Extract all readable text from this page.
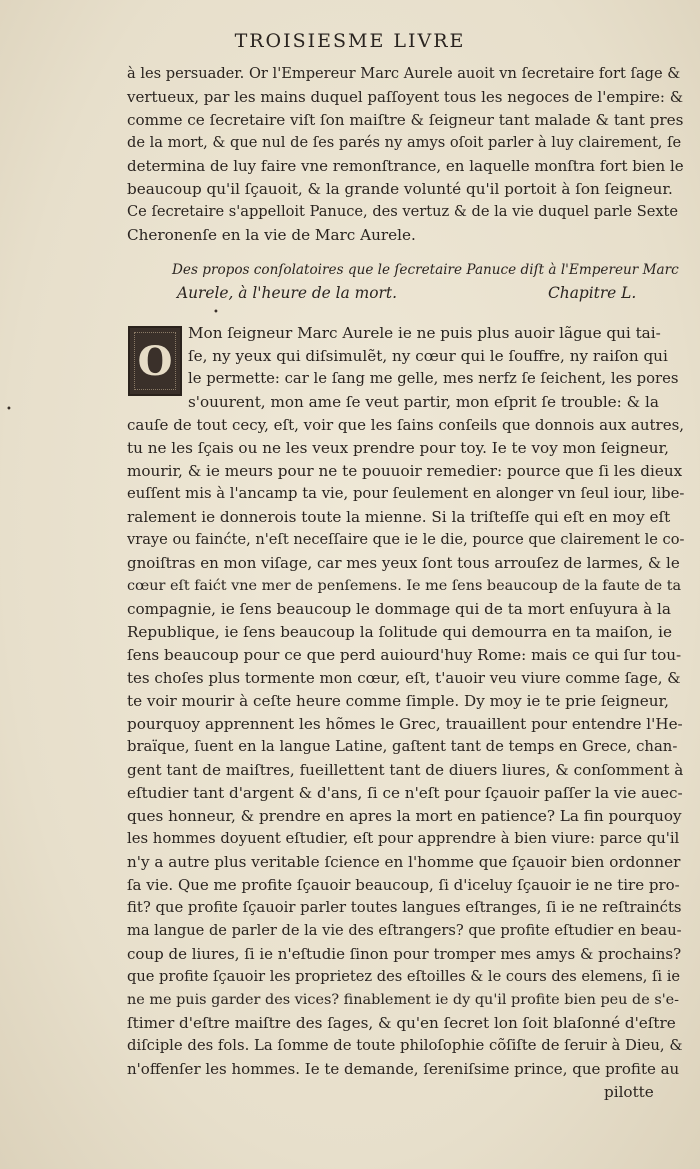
TROISIESME LIVRE
à les persuader. Or l'Empereur Marc Aurele auoit vn ſecretaire fort ſage &
vertueux, par les mains duquel paſſoyent tous les negoces de l'empire: &
comme ce ſecretaire viſt ſon maiſtre & ſeigneur tant malade & tant pres
de la mort, & que nul de ſes parés ny amys oſoit parler à luy clairement, ſe
determina de luy faire vne remonſtrance, en laquelle monſtra fort bien le
beaucoup qu'il ſçauoit, & la grande volunté qu'il portoit à ſon ſeigneur.
Ce ſecretaire s'appelloit Panuce, des vertuz & de la vie duquel parle Sexte
Cheronenſe en la vie de Marc Aurele.
Des propos conſolatoires que le ſecretaire Panuce diſt à l'Empereur Marc
Aurele, à l'heure de la mort.	Chapitre L.
•
O
Mon ſeigneur Marc Aurele ie ne puis plus auoir lãgue qui tai-
ſe, ny yeux qui diſsimulẽt, ny cœur qui le ſouffre, ny raiſon qui
le permette: car le ſang me gelle, mes nerfz ſe ſeichent, les pores
s'ouurent, mon ame ſe veut partir, mon eſprit ſe trouble: & la
cauſe de tout cecy, eſt, voir que les ſains conſeils que donnois aux autres,
tu ne les ſçais ou ne les veux prendre pour toy. Ie te voy mon ſeigneur,
mourir, & ie meurs pour ne te pouuoir remedier: pource que ſi les dieux
euſſent mis à l'ancamp ta vie, pour ſeulement en alonger vn ſeul iour, libe-
ralement ie donnerois toute la mienne. Si la triſteſſe qui eſt en moy eſt
vraye ou fainćte, n'eſt neceſſaire que ie le die, pource que clairement le co-
gnoiſtras en mon viſage, car mes yeux ſont tous arrouſez de larmes, & le
cœur eſt faićt vne mer de penſemens. Ie me ſens beaucoup de la faute de ta
compagnie, ie ſens beaucoup le dommage qui de ta mort enſuyura à la
Republique, ie ſens beaucoup la ſolitude qui demourra en ta maiſon, ie
ſens beaucoup pour ce que perd auiourd'huy Rome: mais ce qui ſur tou-
tes choſes plus tormente mon cœur, eſt, t'auoir veu viure comme ſage, &
te voir mourir à ceſte heure comme ſimple. Dy moy ie te prie ſeigneur,
pourquoy apprennent les hõmes le Grec, trauaillent pour entendre l'He-
braïque, ſuent en la langue Latine, gaſtent tant de temps en Grece, chan-
gent tant de maiſtres, fueillettent tant de diuers liures, & conſomment à
eſtudier tant d'argent & d'ans, ſi ce n'eſt pour ſçauoir paſſer la vie auec-
ques honneur, & prendre en apres la mort en patience? La fin pourquoy
les hommes doyuent eſtudier, eſt pour apprendre à bien viure: parce qu'il
n'y a autre plus veritable ſcience en l'homme que ſçauoir bien ordonner
ſa vie. Que me profite ſçauoir beaucoup, ſi d'iceluy ſçauoir ie ne tire pro-
fit? que profite ſçauoir parler toutes langues eſtranges, ſi ie ne reſtrainćts
ma langue de parler de la vie des eſtrangers? que profite eſtudier en beau-
coup de liures, ſi ie n'eſtudie ſinon pour tromper mes amys & prochains?
que profite ſçauoir les proprietez des eſtoilles & le cours des elemens, ſi ie
ne me puis garder des vices? finablement ie dy qu'il profite bien peu de s'e-
ſtimer d'eſtre maiſtre des ſages, & qu'en ſecret lon ſoit blaſonné d'eſtre
diſciple des fols. La ſomme de toute philoſophie cõſiſte de ſeruir à Dieu, &
n'offenſer les hommes. Ie te demande, ſereniſsime prince, que profite au
pilotte
•
